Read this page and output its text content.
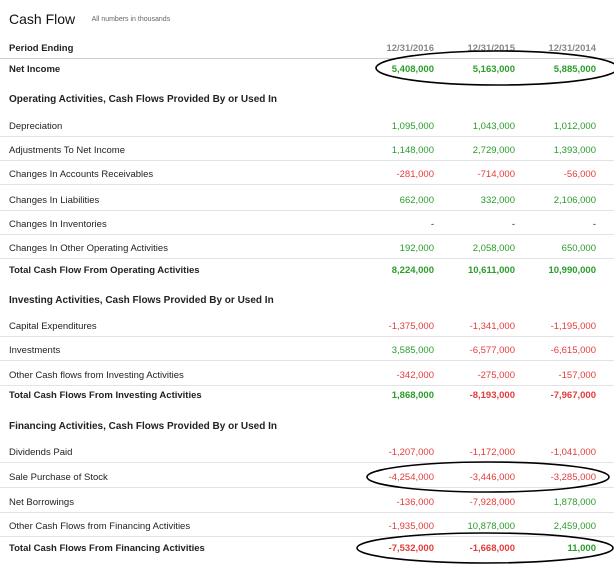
Cash Flow All numbers in thousands
Period Ending	12/31/2016	12/31/2015	12/31/2014
Net Income	5,408,000	5,163,000	5,885,000
Operating Activities, Cash Flows Provided By or Used In
Depreciation	1,095,000	1,043,000	1,012,000
Adjustments To Net Income	1,148,000	2,729,000	1,393,000
Changes In Accounts Receivables	-281,000	-714,000	-56,000
Changes In Liabilities	662,000	332,000	2,106,000
Changes In Inventories	-	-	-
Changes In Other Operating Activities	192,000	2,058,000	650,000
Total Cash Flow From Operating Activities	8,224,000	10,611,000	10,990,000
Investing Activities, Cash Flows Provided By or Used In
Capital Expenditures	-1,375,000	-1,341,000	-1,195,000
Investments	3,585,000	-6,577,000	-6,615,000
Other Cash flows from Investing Activities	-342,000	-275,000	-157,000
Total Cash Flows From Investing Activities	1,868,000	-8,193,000	-7,967,000
Financing Activities, Cash Flows Provided By or Used In
Dividends Paid	-1,207,000	-1,172,000	-1,041,000
Sale Purchase of Stock	-4,254,000	-3,446,000	-3,285,000
Net Borrowings	-136,000	-7,928,000	1,878,000
Other Cash Flows from Financing Activities	-1,935,000	10,878,000	2,459,000
Total Cash Flows From Financing Activities	-7,532,000	-1,668,000	11,000
